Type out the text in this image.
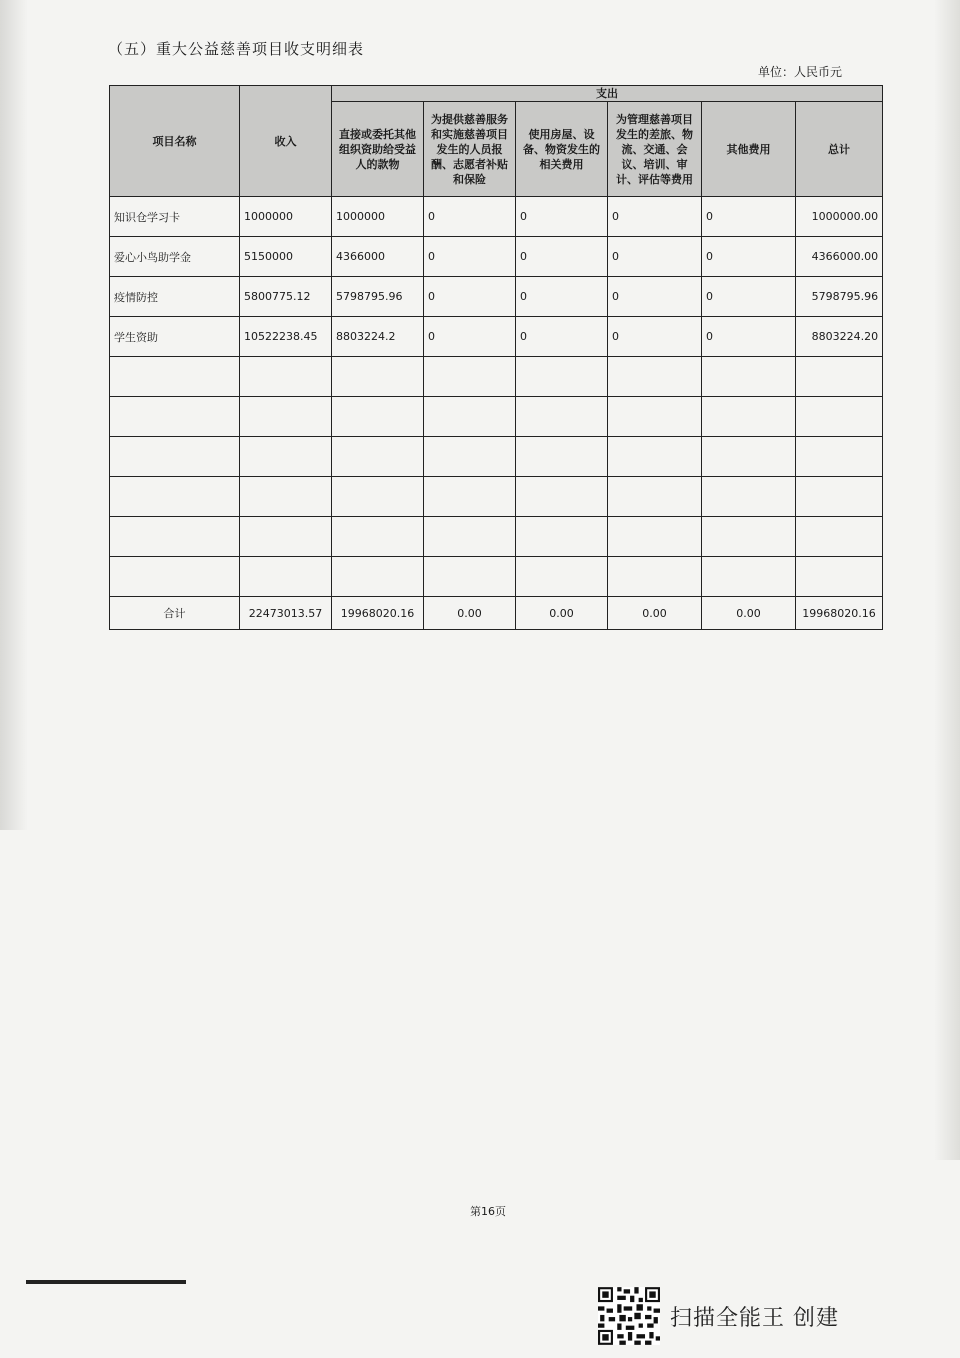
（五）重大公益慈善项目收支明细表
单位：人民币元
项目名称	收入	支出					
		直接或委托其他组织资助给受益人的款物	为提供慈善服务和实施慈善项目发生的人员报酬、志愿者补贴和保险	使用房屋、设备、物资发生的相关费用	为管理慈善项目发生的差旅、物流、交通、会议、培训、审计、评估等费用	其他费用	总计
知识仓学习卡	1000000	1000000	0	0	0	0	1000000.00
爱心小鸟助学金	5150000	4366000	0	0	0	0	4366000.00
疫情防控	5800775.12	5798795.96	0	0	0	0	5798795.96
学生资助	10522238.45	8803224.2	0	0	0	0	8803224.20

合计	22473013.57	19968020.16	0.00	0.00	0.00	0.00	19968020.16
第16页
扫描全能王 创建
